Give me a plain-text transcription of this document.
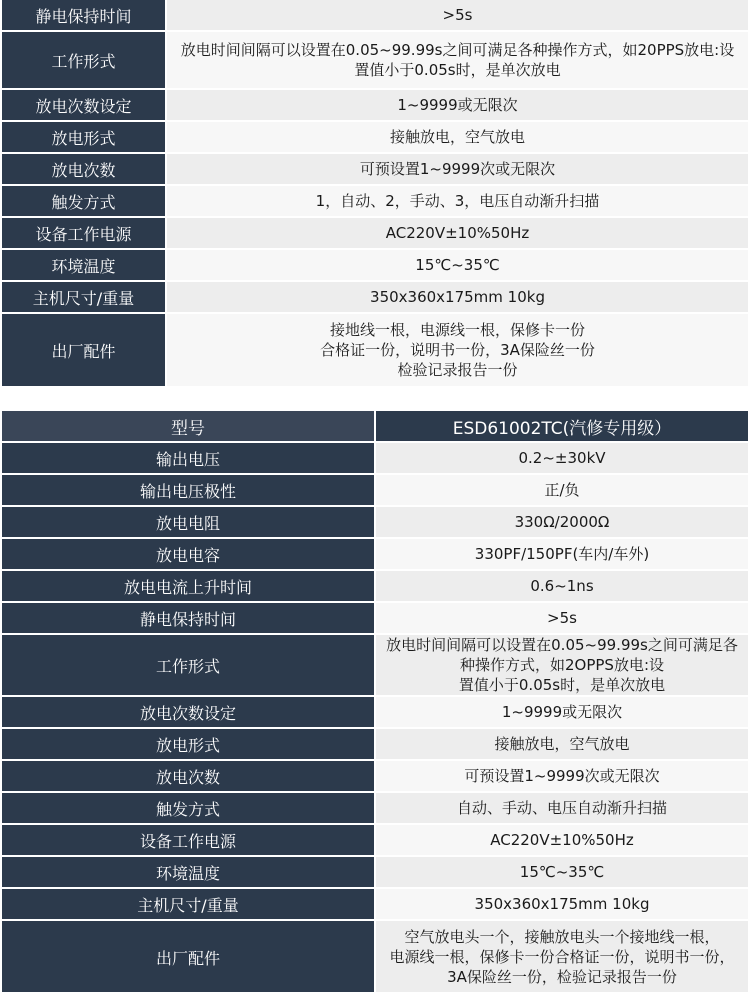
静电保持时间	>5s

工作形式	放电时间间隔可以设置在0.05~99.99s之间可满足各种操作方式，如20PPS放电:设
置值小于0.05s时，是单次放电

放电次数设定	1~9999或无限次

放电形式	接触放电，空气放电

放电次数	可预设置1~9999次或无限次

触发方式	1，自动、2，手动、3，电压自动渐升扫描

设备工作电源	AC220V±10%50Hz

环境温度	15℃~35℃

主机尺寸/重量	350x360x175mm 10kg

出厂配件	接地线一根，电源线一根，保修卡一份
合格证一份，说明书一份，3A保险丝一份
检验记录报告一份
型号	ESD61002TC(汽修专用级）
输出电压	0.2~±30kV

输出电压极性	正/负

放电电阻	330Ω/2000Ω

放电电容	330PF/150PF(车内/车外)

放电电流上升时间	0.6~1ns

静电保持时间	>5s

工作形式	放电时间间隔可以设置在0.05~99.99s之间可满足各种操作方式，如2OPPS放电:设
置值小于0.05s时，是单次放电

放电次数设定	1~9999或无限次

放电形式	接触放电，空气放电

放电次数	可预设置1~9999次或无限次

触发方式	自动、手动、电压自动渐升扫描

设备工作电源	AC220V±10%50Hz

环境温度	15℃~35℃

主机尺寸/重量	350x360x175mm 10kg

出厂配件	空气放电头一个，接触放电头一个接地线一根，
电源线一根，保修卡一份合格证一份，说明书一份，
3A保险丝一份，检验记录报告一份
